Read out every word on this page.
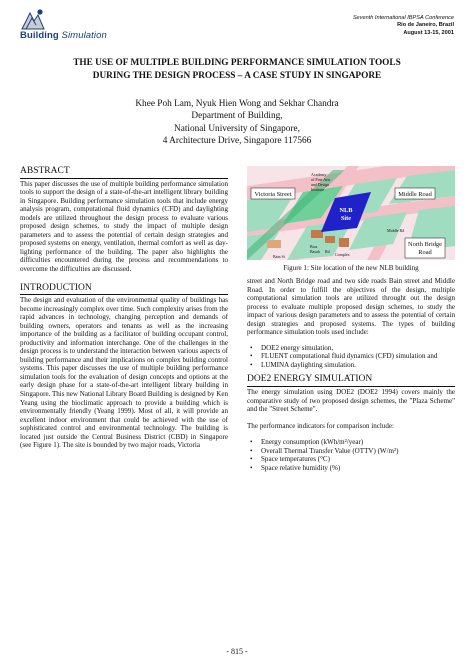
Building Simulation
Seventh International IBPSA Conference
Rio de Janeiro, Brazil
August 13-15, 2001
THE USE OF MULTIPLE BUILDING PERFORMANCE SIMULATION TOOLS
DURING THE DESIGN PROCESS – A CASE STUDY IN SINGAPORE
Khee Poh Lam, Nyuk Hien Wong and Sekhar Chandra
Department of Building,
National University of Singapore,
4 Architecture Drive, Singapore 117566
ABSTRACT

This paper discusses the use of multiple building performance simulation tools to support the design of a state-of-the-art intelligent library building in Singapore. Building performance simulation tools that include energy analysis program, computational fluid dynamics (CFD) and daylighting models are utilized throughout the design process to evaluate various proposed design schemes, to study the impact of multiple design parameters and to assess the potential of certain design strategies and proposed systems on energy, ventilation, thermal comfort as well as day-lighting performance of the building. The paper also highlights the difficulties encountered during the process and recommendations to overcome the difficulties are discussed.

INTRODUCTION

The design and evaluation of the environmental quality of buildings has become increasingly complex over time. Such complexity arises from the rapid advances in technology, changing perception and demands of building owners, operators and tenants as well as the increasing importance of the building as a facilitator of building occupant control, productivity and information interchange. One of the challenges in the design process is to understand the interaction between various aspects of building performance and their implications on complex building control systems. This paper discusses the use of multiple building performance simulation tools for the evaluation of design concepts and options at the early design phase for a state-of-the-art intelligent library building in Singapore. This new National Library Board Building is designed by Ken Yeang using the bioclimatic approach to provide a building which is environmentally friendly (Yeang 1999). Most of all, it will provide an excellent indoor environment that could be achieved with the use of sophisticated control and environmental technology. The building is located just outside the Central Business District (CBD) in Singapore (see Figure 1). The site is bounded by two major roads, Victoria

NLB
Site
Academy
of Fine Arts
and Design
Institute
Bras
Basah Rd
Complex
Bain St
Middle Rd
Victoria Street	Middle Road
North Bridge
Road
Figure 1: Site location of the new NLB building

street and North Bridge road and two side roads Bain street and Middle Road. In order to fulfill the objectives of the design, multiple computational simulation tools are utilized throught out the design process to evaluate multiple proposed design schemes, to study the impact of various design parameters and to assess the potential of certain design strategies and proposed systems. The types of building performance simulation tools used include:

• DOE2 energy simulation,
• FLUENT computational fluid dynamics (CFD) simulation and
• LUMINA daylighting simulation.
DOE2 ENERGY SIMULATION

The energy simulation using DOE2 (DOE2 1994) covers mainly the comparative study of two proposed design schemes, the "Plaza Scheme" and the "Street Scheme".

The performance indicators for comparison include:

• Energy consumption (kWh/m²/year)
• Overall Thermal Transfer Value (OTTV) (W/m²)
• Space temperatures (°C)
• Space relative humidity (%)
- 815 -
